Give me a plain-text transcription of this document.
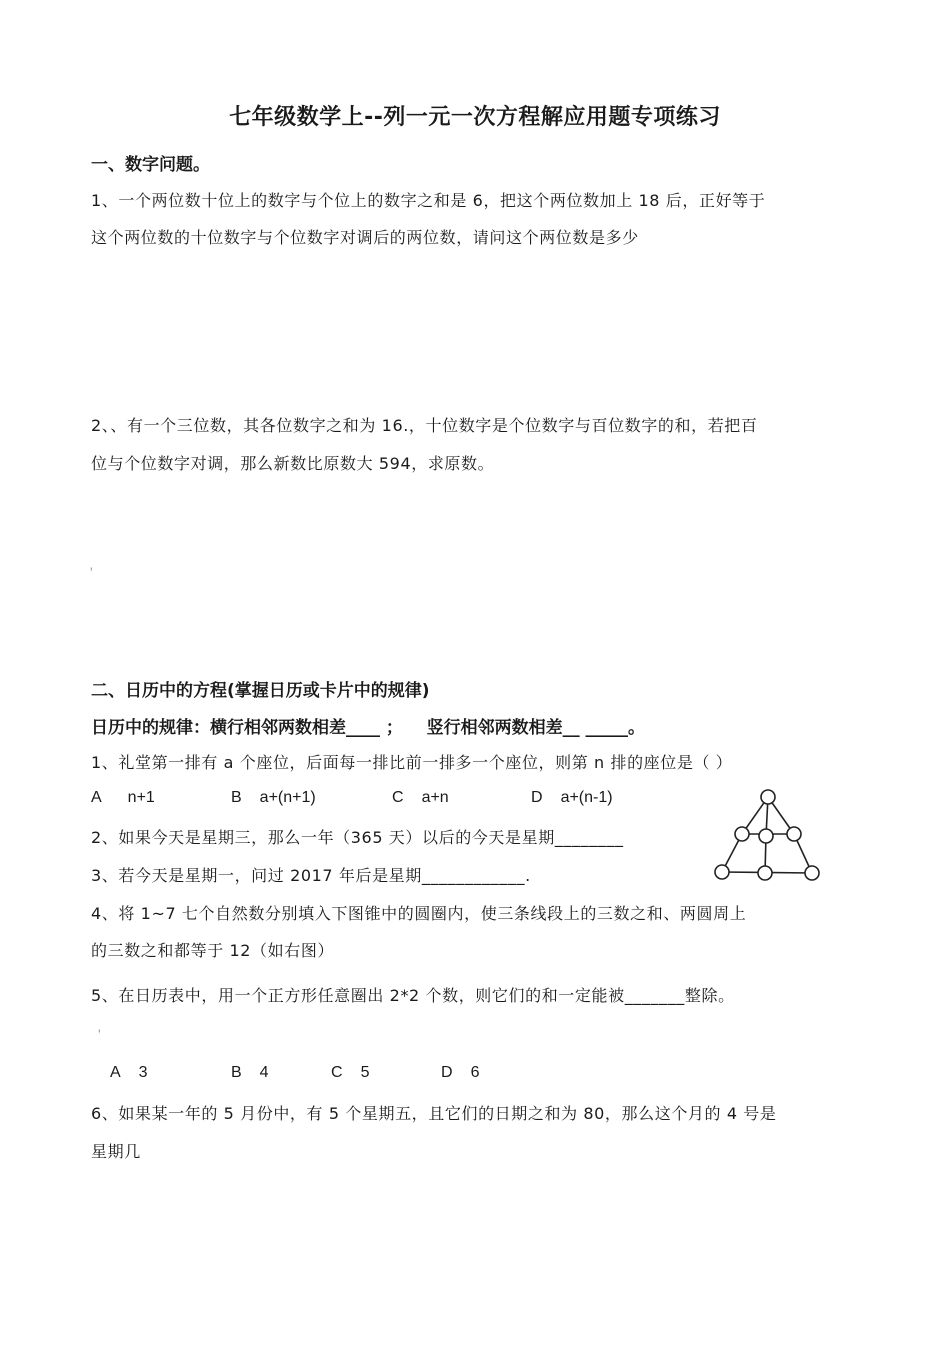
七年级数学上--列一元一次方程解应用题专项练习
一、数字问题。
1、一个两位数十位上的数字与个位上的数字之和是 6，把这个两位数加上 18 后，正好等于
这个两位数的十位数字与个位数字对调后的两位数，请问这个两位数是多少
2、、有一个三位数，其各位数字之和为 16.，十位数字是个位数字与百位数字的和，若把百
位与个位数字对调，那么新数比原数大 594，求原数。
ꜝ
二、日历中的方程(掌握日历或卡片中的规律)
日历中的规律：横行相邻两数相差____ ；    竖行相邻两数相差__ _____。
1、礼堂第一排有 a 个座位，后面每一排比前一排多一个座位，则第 n 排的座位是（ ）
A n+1	B a+(n+1)	C a+n	D a+(n-1)
2、如果今天是星期三，那么一年（365 天）以后的今天是星期________
3、若今天是星期一，问过 2017 年后是星期____________.
4、将 1~7 七个自然数分别填入下图锥中的圆圈内，使三条线段上的三数之和、两圆周上
的三数之和都等于 12（如右图）
5、在日历表中，用一个正方形任意圈出 2*2 个数，则它们的和一定能被_______整除。
ꜝ
A 3	B 4	C 5	D 6
6、如果某一年的 5 月份中，有 5 个星期五，且它们的日期之和为 80，那么这个月的 4 号是
星期几
